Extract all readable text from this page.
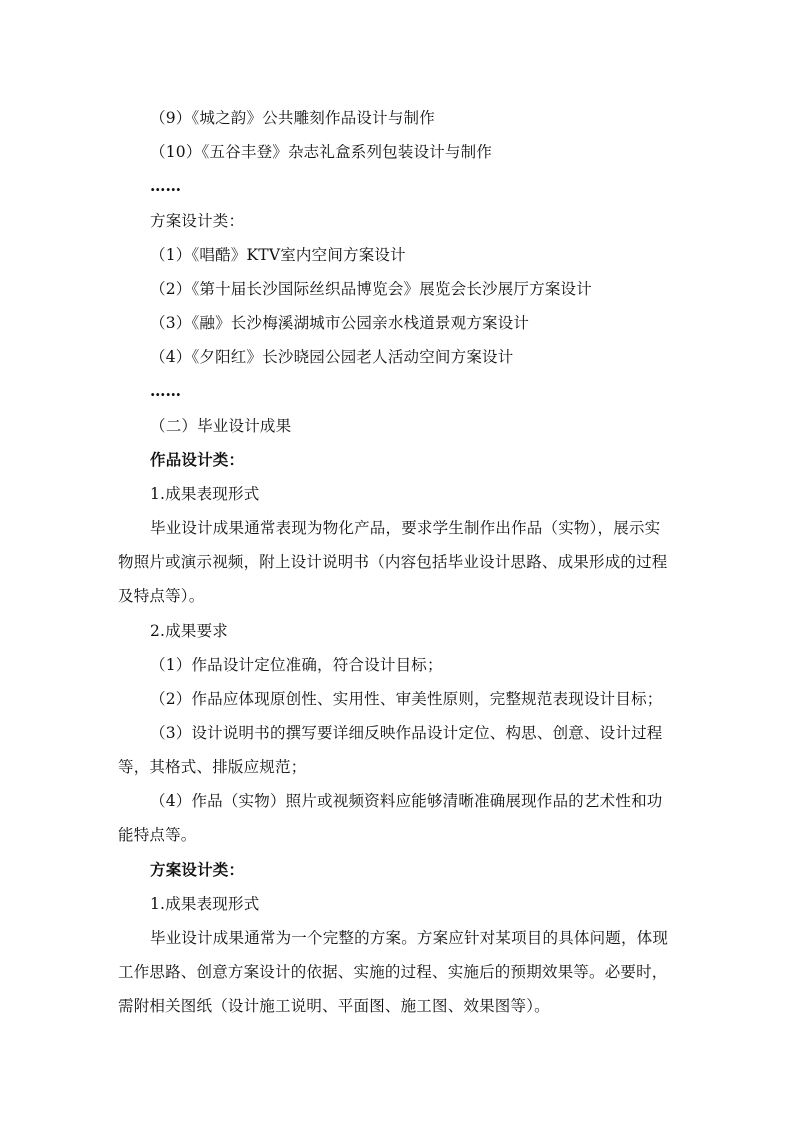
（9）《城之韵》公共雕刻作品设计与制作
（10）《五谷丰登》杂志礼盒系列包装设计与制作
……
方案设计类：
（1）《唱酷》KTV室内空间方案设计
（2）《第十届长沙国际丝织品博览会》展览会长沙展厅方案设计
（3）《融》长沙梅溪湖城市公园亲水栈道景观方案设计
（4）《夕阳红》长沙晓园公园老人活动空间方案设计
……
（二）毕业设计成果
作品设计类：
1.成果表现形式
毕业设计成果通常表现为物化产品，要求学生制作出作品（实物），展示实
物照片或演示视频，附上设计说明书（内容包括毕业设计思路、成果形成的过程
及特点等）。
2.成果要求
（1）作品设计定位准确，符合设计目标；
（2）作品应体现原创性、实用性、审美性原则，完整规范表现设计目标；
（3）设计说明书的撰写要详细反映作品设计定位、构思、创意、设计过程
等，其格式、排版应规范；
（4）作品（实物）照片或视频资料应能够清晰准确展现作品的艺术性和功
能特点等。
方案设计类：
1.成果表现形式
毕业设计成果通常为一个完整的方案。方案应针对某项目的具体问题，体现
工作思路、创意方案设计的依据、实施的过程、实施后的预期效果等。必要时，
需附相关图纸（设计施工说明、平面图、施工图、效果图等）。
